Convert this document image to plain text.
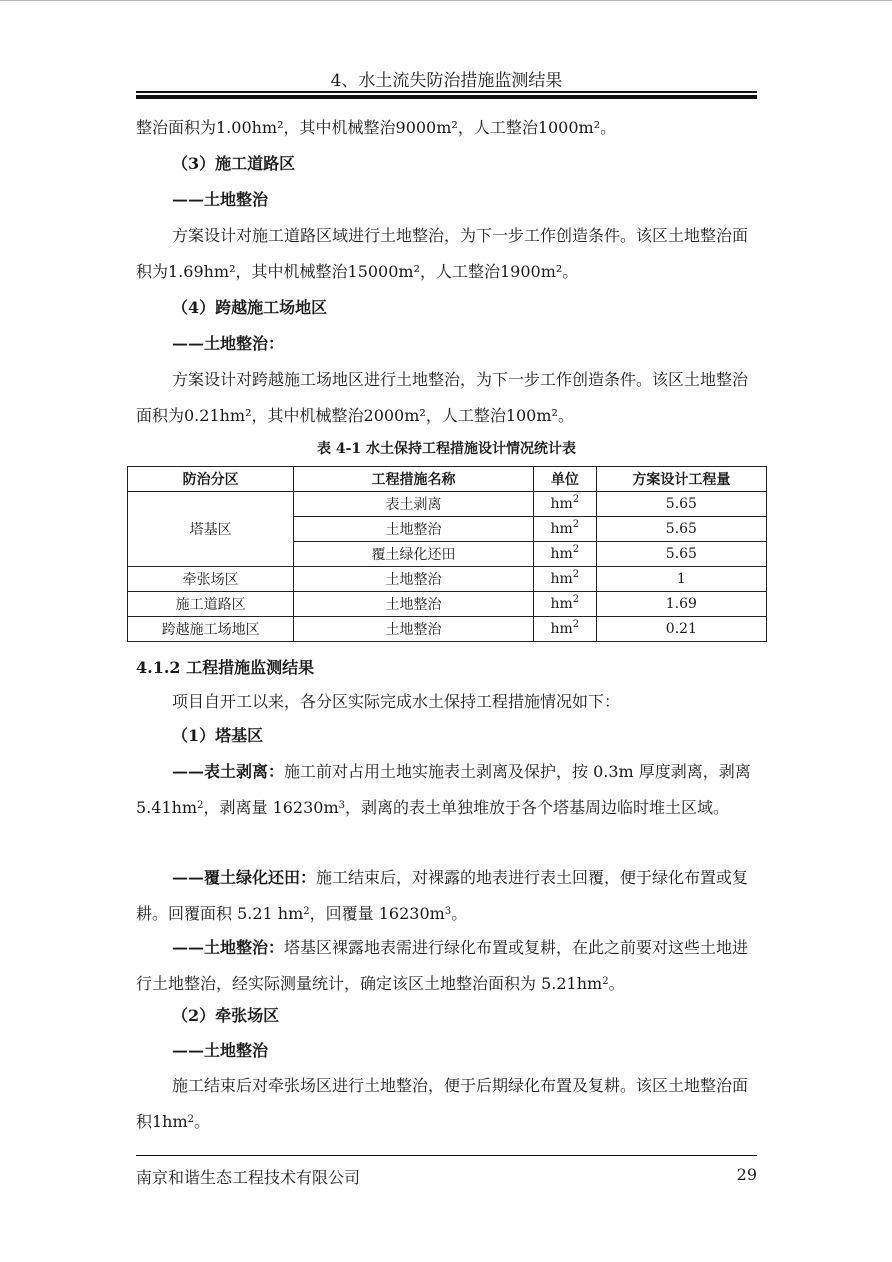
4、水土流失防治措施监测结果

整治面积为1.00hm²，其中机械整治9000m²，人工整治1000m²。

（3）施工道路区

——土地整治

方案设计对施工道路区域进行土地整治，为下一步工作创造条件。该区土地整治面积为1.69hm²，其中机械整治15000m²，人工整治1900m²。

（4）跨越施工场地区

——土地整治：

方案设计对跨越施工场地区进行土地整治，为下一步工作创造条件。该区土地整治面积为0.21hm²，其中机械整治2000m²，人工整治100m²。

表 4-1 水土保持工程措施设计情况统计表
防治分区	工程措施名称	单位	方案设计工程量
塔基区	表土剥离	$hm^2$	5.65
	土地整治	$hm^2$	5.65
	覆土绿化还田	$hm^2$	5.65
牵张场区	土地整治	$hm^2$	1
施工道路区	土地整治	$hm^2$	1.69
跨越施工场地区	土地整治	$hm^2$	0.21
4.1.2 工程措施监测结果

项目自开工以来，各分区实际完成水土保持工程措施情况如下：

（1）塔基区

——表土剥离：施工前对占用土地实施表土剥离及保护，按 0.3m 厚度剥离，剥离 $5.41hm^2$，剥离量 $16230m^3$，剥离的表土单独堆放于各个塔基周边临时堆土区域。

——覆土绿化还田：施工结束后，对裸露的地表进行表土回覆，便于绿化布置或复耕。回覆面积 5.21 $hm^2$，回覆量 $16230m^3$。

——土地整治：塔基区裸露地表需进行绿化布置或复耕，在此之前要对这些土地进行土地整治，经实际测量统计，确定该区土地整治面积为 $5.21hm^2$。

（2）牵张场区

——土地整治

施工结束后对牵张场区进行土地整治，便于后期绿化布置及复耕。该区土地整治面积$1hm^2$。

南京和谐生态工程技术有限公司	29
